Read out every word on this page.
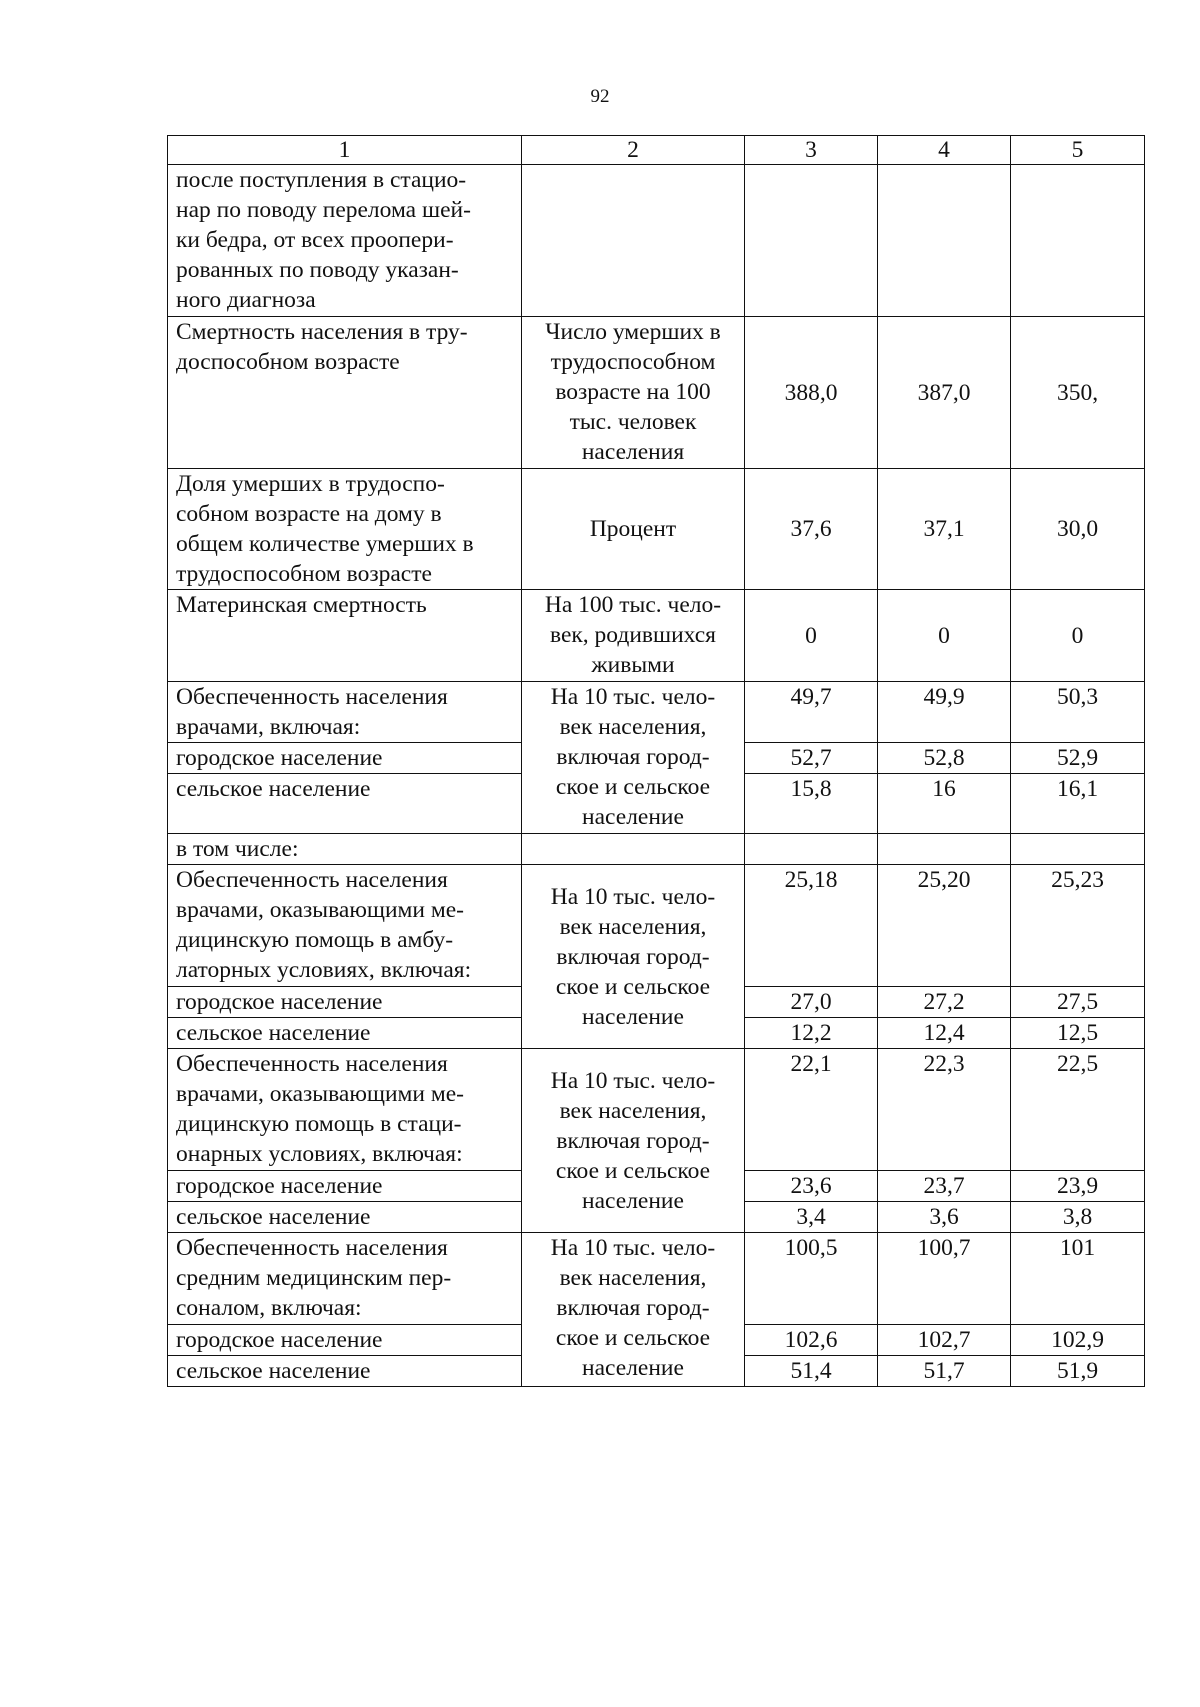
92
1	2	3	4	5
после поступления в стацио-
нар по поводу перелома шей-
ки бедра, от всех проопери-
рованных по поводу указан-
ного диагноза				
Смертность населения в тру-
доспособном возрасте	Число умерших в
трудоспособном
возрасте на 100
тыс. человек
населения	388,0	387,0	350,
Доля умерших в трудоспо-
собном возрасте на дому в
общем количестве умерших в
трудоспособном возрасте	Процент	37,6	37,1	30,0
Материнская смертность	На 100 тыс. чело-
век, родившихся
живыми	0	0	0
Обеспеченность населения
врачами, включая:	На 10 тыс. чело-
век населения,
включая город-
ское и сельское
население	49,7	49,9	50,3
городское население		52,7	52,8	52,9
сельское население		15,8	16	16,1
в том числе:				
Обеспеченность населения
врачами, оказывающими ме-
дицинскую помощь в амбу-
латорных условиях, включая:	На 10 тыс. чело-
век населения,
включая город-
ское и сельское
население	25,18	25,20	25,23
городское население		27,0	27,2	27,5
сельское население		12,2	12,4	12,5
Обеспеченность населения
врачами, оказывающими ме-
дицинскую помощь в стаци-
онарных условиях, включая:	На 10 тыс. чело-
век населения,
включая город-
ское и сельское
население	22,1	22,3	22,5
городское население		23,6	23,7	23,9
сельское население		3,4	3,6	3,8
Обеспеченность населения
средним медицинским пер-
соналом, включая:	На 10 тыс. чело-
век населения,
включая город-
ское и сельское
население	100,5	100,7	101
городское население		102,6	102,7	102,9
сельское население		51,4	51,7	51,9
